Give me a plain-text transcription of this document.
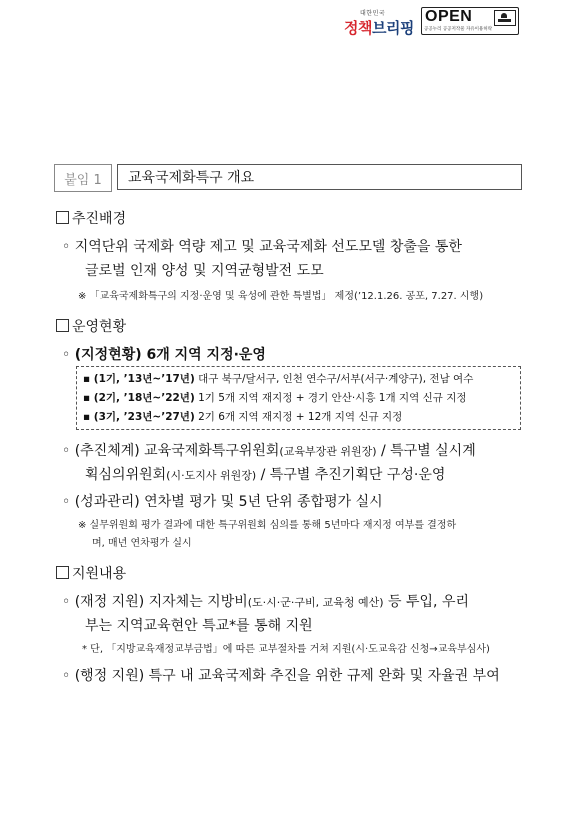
대한민국
정책브리핑
OPEN
공공누리 공공저작물 자유이용허락
붙임 1	교육국제화특구 개요
추진배경
◦ 지역단위 국제화 역량 제고 및 교육국제화 선도모델 창출을 통한
글로벌 인재 양성 및 지역균형발전 도모
※ 「교육국제화특구의 지정·운영 및 육성에 관한 특별법」 제정(’12.1.26. 공포, 7.27. 시행)
운영현황
◦ (지정현황) 6개 지역 지정·운영
▪ (1기, ’13년~’17년) 대구 북구/달서구, 인천 연수구/서부(서구·계양구), 전남 여수
▪ (2기, ’18년~’22년) 1기 5개 지역 재지정 + 경기 안산·시흥 1개 지역 신규 지정
▪ (3기, ’23년~’27년) 2기 6개 지역 재지정 + 12개 지역 신규 지정
◦ (추진체계) 교육국제화특구위원회(교육부장관 위원장) / 특구별 실시계
획심의위원회(시·도지사 위원장) / 특구별 추진기획단 구성·운영
◦ (성과관리) 연차별 평가 및 5년 단위 종합평가 실시
※ 실무위원회 평가 결과에 대한 특구위원회 심의를 통해 5년마다 재지정 여부를 결정하
며, 매년 연차평가 실시
지원내용
◦ (재정 지원) 지자체는 지방비(도·시·군·구비, 교육청 예산) 등 투입, 우리
부는 지역교육현안 특교*를 통해 지원
* 단, 「지방교육재정교부금법」에 따른 교부절차를 거쳐 지원(시·도교육감 신청→교육부심사)
◦ (행정 지원) 특구 내 교육국제화 추진을 위한 규제 완화 및 자율권 부여
